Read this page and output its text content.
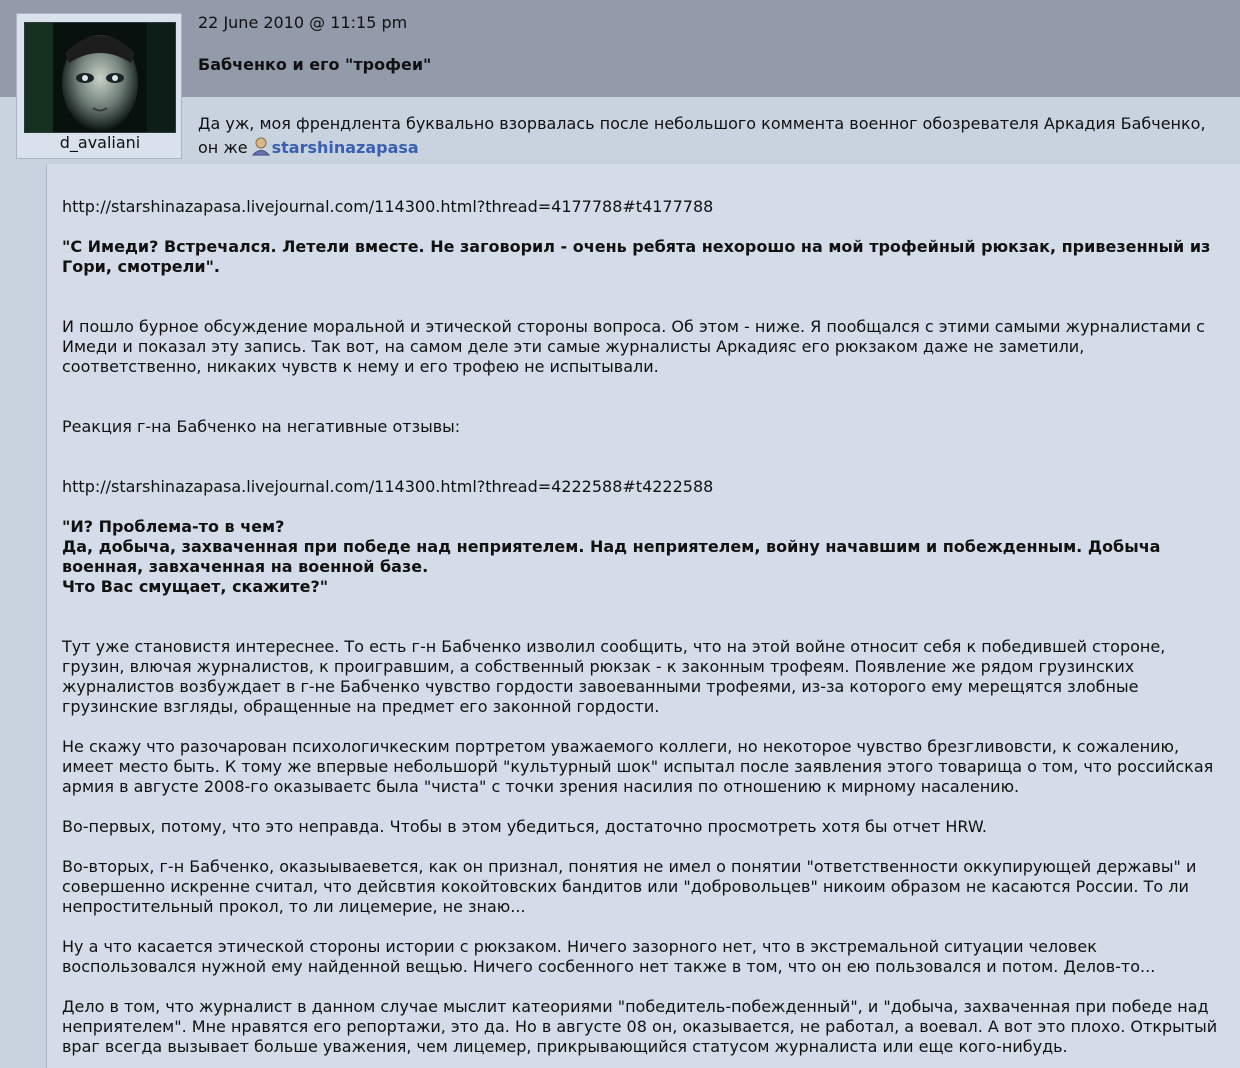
d_avaliani
22 June 2010 @ 11:15 pm
Бабченко и его "трофеи"
Да уж, моя френдлента буквально взорвалась после небольшого коммента военног обозревателя Аркадия Бабченко, он же starshinazapasa

http://starshinazapasa.livejournal.com/114300.html?thread=4177788#t4177788

"С Имеди? Встречался. Летели вместе. Не заговорил - очень ребята нехорошо на мой трофейный рюкзак, привезенный из Гори, смотрели".

И пошло бурное обсуждение моральной и этической стороны вопроса. Об этом - ниже. Я пообщался с этими самыми журналистами с Имеди и показал эту запись. Так вот, на самом деле эти самые журналисты Аркадияс его рюкзаком даже не заметили, соответственно, никаких чувств к нему и его трофею не испытывали.

Реакция г-на Бабченко на негативные отзывы:

http://starshinazapasa.livejournal.com/114300.html?thread=4222588#t4222588

"И? Проблема-то в чем?

Да, добыча, захваченная при победе над неприятелем. Над неприятелем, войну начавшим и побежденным. Добыча военная, завхаченная на военной базе.

Что Вас смущает, скажите?"

Тут уже становистя интереснее. То есть г-н Бабченко изволил сообщить, что на этой войне относит себя к победившей стороне, грузин, влючая журналистов, к проигравшим, а собственный рюкзак - к законным трофеям. Появление же рядом грузинских журналистов возбуждает в г-не Бабченко чувство гордости завоеванными трофеями, из-за которого ему мерещятся злобные грузинские взгляды, обращенные на предмет его законной гордости.

Не скажу что разочарован психологичкеским портретом уважаемого коллеги, но некоторое чувство брезгливовсти, к сожалению, имеет место быть. К тому же впервые небольшорй "культурный шок" испытал после заявления этого товарища о том, что российская армия в августе 2008-го оказываетс была "чиста" с точки зрения насилия по отношению к мирному насалению.

Во-первых, потому, что это неправда. Чтобы в этом убедиться, достаточно просмотреть хотя бы отчет HRW.

Во-вторых, г-н Бабченко, оказыываевется, как он признал, понятия не имел о понятии "ответственности оккупирующей державы" и совершенно искренне считал, что дейсвтия кокойтовских бандитов или "добровольцев" никоим образом не касаются России. То ли непростительный прокол, то ли лицемерие, не знаю...

Ну а что касается этической стороны истории с рюкзаком. Ничего зазорного нет, что в экстремальной ситуации человек воспользовался нужной ему найденной вещью. Ничего сосбенного нет также в том, что он ею пользовался и потом. Делов-то...

Дело в том, что журналист в данном случае мыслит катеориями "победитель-побежденный", и "добыча, захваченная при победе над неприятелем". Мне нравятся его репортажи, это да. Но в августе 08 он, оказывается, не работал, а воевал. А вот это плохо. Открытый враг всегда вызывает больше уважения, чем лицемер, прикрывающийся статусом журналиста или еще кого-нибудь.
